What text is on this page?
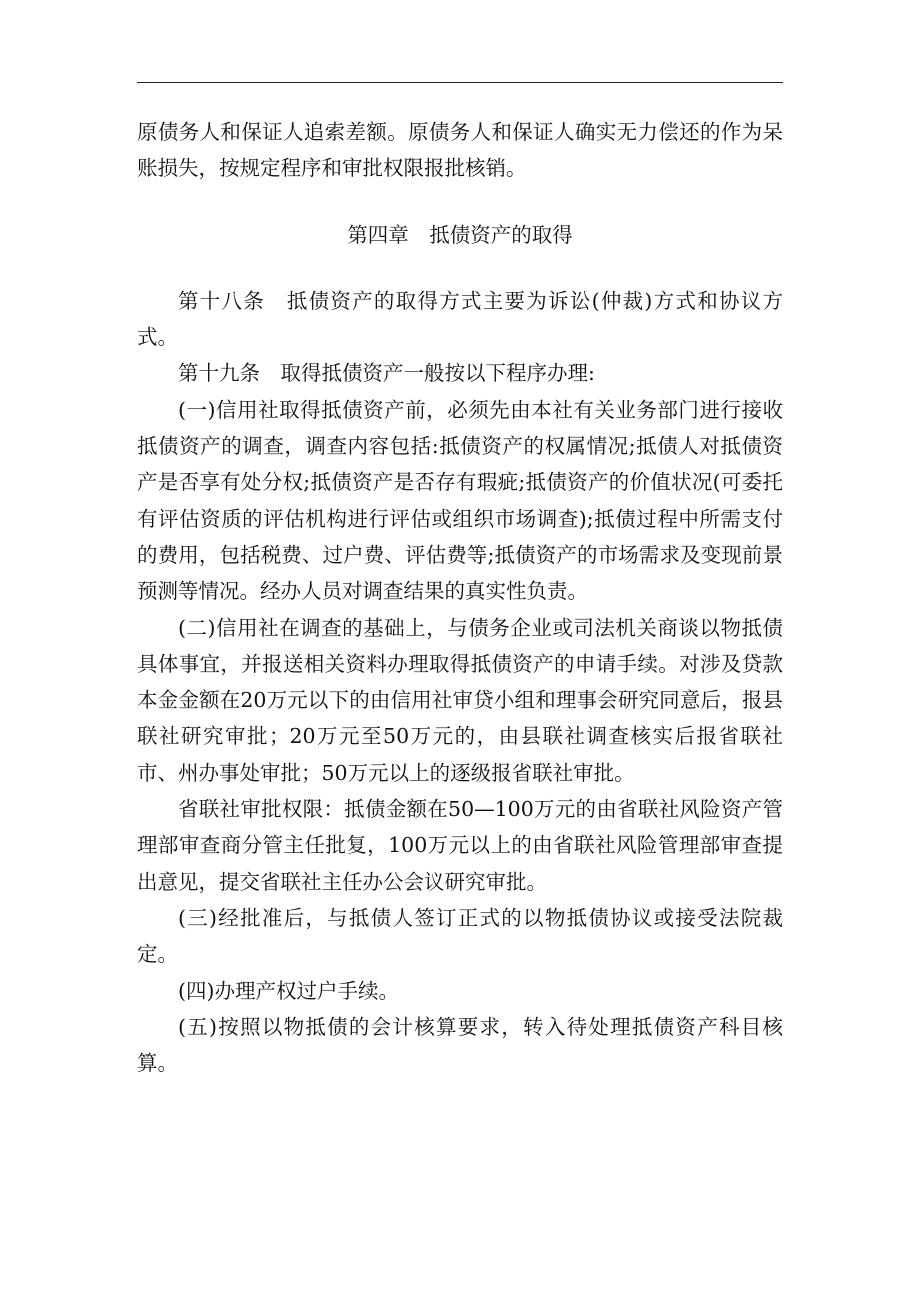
原债务人和保证人追索差额。原债务人和保证人确实无力偿还的作为呆账损失，按规定程序和审批权限报批核销。

第四章　抵债资产的取得

第十八条　抵债资产的取得方式主要为诉讼(仲裁)方式和协议方式。

第十九条　取得抵债资产一般按以下程序办理:

(一)信用社取得抵债资产前，必须先由本社有关业务部门进行接收抵债资产的调查，调查内容包括:抵债资产的权属情况;抵债人对抵债资产是否享有处分权;抵债资产是否存有瑕疵;抵债资产的价值状况(可委托有评估资质的评估机构进行评估或组织市场调查);抵债过程中所需支付的费用，包括税费、过户费、评估费等;抵债资产的市场需求及变现前景预测等情况。经办人员对调查结果的真实性负责。

(二)信用社在调查的基础上，与债务企业或司法机关商谈以物抵债具体事宜，并报送相关资料办理取得抵债资产的申请手续。对涉及贷款本金金额在20万元以下的由信用社审贷小组和理事会研究同意后，报县联社研究审批；20万元至50万元的，由县联社调查核实后报省联社市、州办事处审批；50万元以上的逐级报省联社审批。

省联社审批权限：抵债金额在50—100万元的由省联社风险资产管理部审查商分管主任批复，100万元以上的由省联社风险管理部审查提出意见，提交省联社主任办公会议研究审批。

(三)经批准后，与抵债人签订正式的以物抵债协议或接受法院裁定。

(四)办理产权过户手续。

(五)按照以物抵债的会计核算要求，转入待处理抵债资产科目核算。
